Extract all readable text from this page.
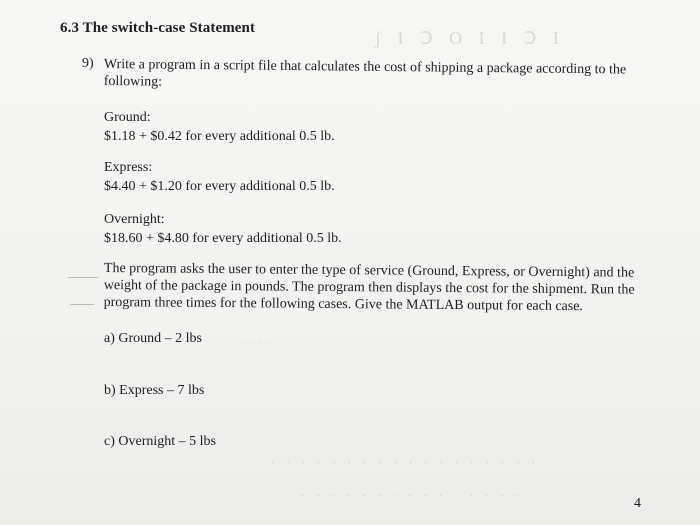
ʃ I Ↄ O I I Ↄ I
·····
· · · · · · · · · · · · · · · · · ·
· · · · · · · · · · · · · · ·
6.3 The switch-case Statement
9) Write a program in a script file that calculates the cost of shipping a package according to the following:
Ground:
$1.18 + $0.42 for every additional 0.5 lb.
Express:
$4.40 + $1.20 for every additional 0.5 lb.
Overnight:
$18.60 + $4.80 for every additional 0.5 lb.
The program asks the user to enter the type of service (Ground, Express, or Overnight) and the weight of the package in pounds. The program then displays the cost for the shipment. Run the program three times for the following cases. Give the MATLAB output for each case.
a) Ground – 2 lbs
b) Express – 7 lbs
c) Overnight – 5 lbs
4
